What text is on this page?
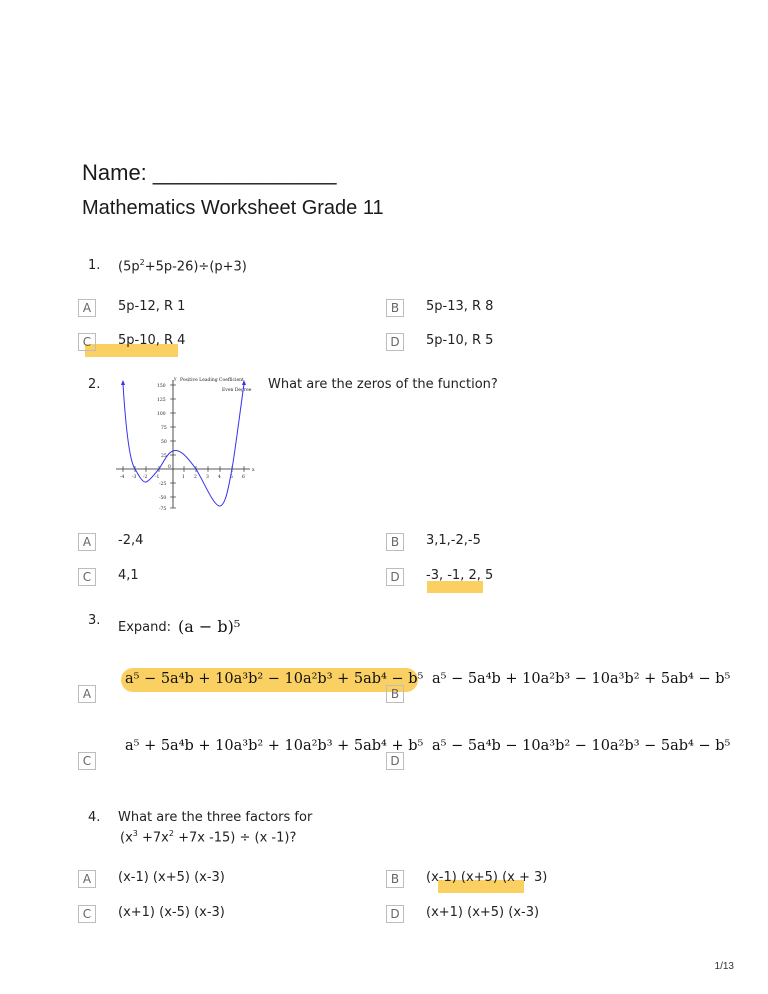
Name: _______________
Mathematics Worksheet Grade 11
1. $(5p^2+5p-26)\div(p+3)$
A	5p-12, R 1	B	5p-13, R 8
C	5p-10, R 4	D	5p-10, R 5
2.	What are the zeros of the function?
-4 -3 -2 -1
0
1 2 3 4 5 6
x
y
150
125
100
75
50
25
-25
-50
-75
Positive Leading Coefficient
Even Degree
A	-2,4	B	3,1,-2,-5
C	4,1	D	-3, -1, 2, 5
3. Expand: (a − b)⁵
A
a⁵ − 5a⁴b + 10a³b² − 10a²b³ + 5ab⁴ − b⁵
B
a⁵ − 5a⁴b + 10a²b³ − 10a³b² + 5ab⁴ − b⁵
C
a⁵ + 5a⁴b + 10a³b² + 10a²b³ + 5ab⁴ + b⁵
D
a⁵ − 5a⁴b − 10a³b² − 10a²b³ − 5ab⁴ − b⁵
4. What are the three factors for
($x^3 +7x^2 +7x$ -15) ÷ (x -1)?
A	(x-1) (x+5) (x-3)	B	(x-1) (x+5) (x + 3)
C	(x+1) (x-5) (x-3)	D	(x+1) (x+5) (x-3)
1/13
